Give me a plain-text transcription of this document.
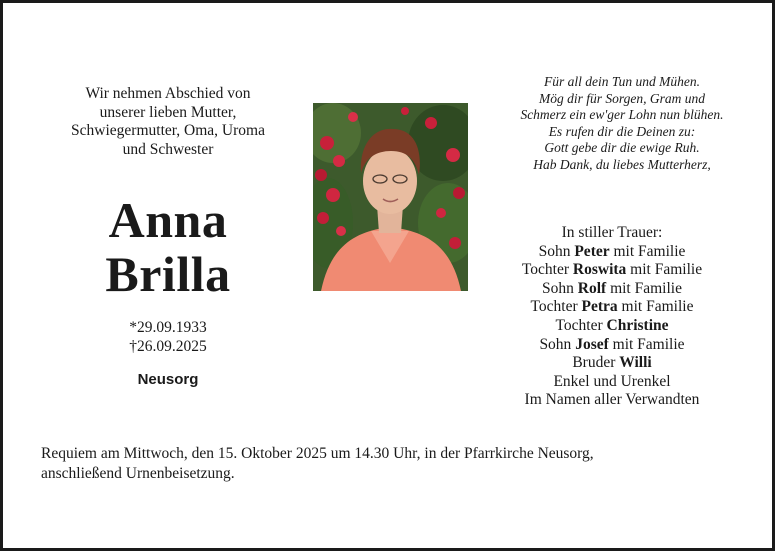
Wir nehmen Abschied von
unserer lieben Mutter,
Schwiegermutter, Oma, Uroma
und Schwester
Anna
Brilla
*29.09.1933
†26.09.2025
Neusorg
Für all dein Tun und Mühen.
Mög dir für Sorgen, Gram und
Schmerz ein ew'ger Lohn nun blühen.
Es rufen dir die Deinen zu:
Gott gebe dir die ewige Ruh.
Hab Dank, du liebes Mutterherz,
In stiller Trauer:
Sohn Peter mit Familie
Tochter Roswita mit Familie
Sohn Rolf mit Familie
Tochter Petra mit Familie
Tochter Christine
Sohn Josef mit Familie
Bruder Willi
Enkel und Urenkel
Im Namen aller Verwandten
Requiem am Mittwoch, den 15. Oktober 2025 um 14.30 Uhr, in der Pfarrkirche Neusorg,
anschließend Urnenbeisetzung.
